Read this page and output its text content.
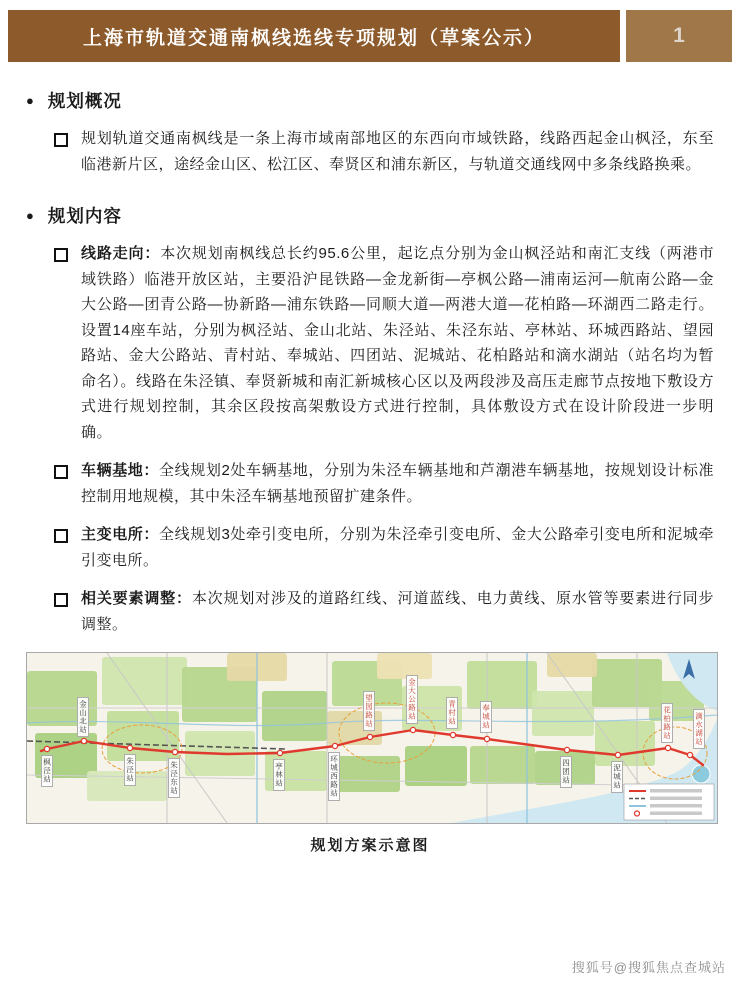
上海市轨道交通南枫线选线专项规划（草案公示）	1
● 规划概况

规划轨道交通南枫线是一条上海市域南部地区的东西向市域铁路，线路西起金山枫泾，东至临港新片区，途经金山区、松江区、奉贤区和浦东新区，与轨道交通线网中多条线路换乘。

● 规划内容

线路走向：本次规划南枫线总长约95.6公里，起讫点分别为金山枫泾站和南汇支线（两港市域铁路）临港开放区站，主要沿沪昆铁路—金龙新街—亭枫公路—浦南运河—航南公路—金大公路—团青公路—协新路—浦东铁路—同顺大道—两港大道—花柏路—环湖西二路走行。设置14座车站，分别为枫泾站、金山北站、朱泾站、朱泾东站、亭林站、环城西路站、望园路站、金大公路站、青村站、奉城站、四团站、泥城站、花柏路站和滴水湖站（站名均为暂命名）。线路在朱泾镇、奉贤新城和南汇新城核心区以及两段涉及高压走廊节点按地下敷设方式进行规划控制，其余区段按高架敷设方式进行控制，具体敷设方式在设计阶段进一步明确。

车辆基地：全线规划2处车辆基地，分别为朱泾车辆基地和芦潮港车辆基地，按规划设计标准控制用地规模，其中朱泾车辆基地预留扩建条件。

主变电所：全线规划3处牵引变电所，分别为朱泾牵引变电所、金大公路牵引变电所和泥城牵引变电所。

相关要素调整：本次规划对涉及的道路红线、河道蓝线、电力黄线、原水管等要素进行同步调整。

枫泾站
金山北站
朱泾站	朱泾东站	亭林站	环城西路站
望园路站	金大公路站	青村站	奉城站
四团站	泥城站
花柏路站	滴水湖站
规划方案示意图
搜狐号@搜狐焦点查城站
